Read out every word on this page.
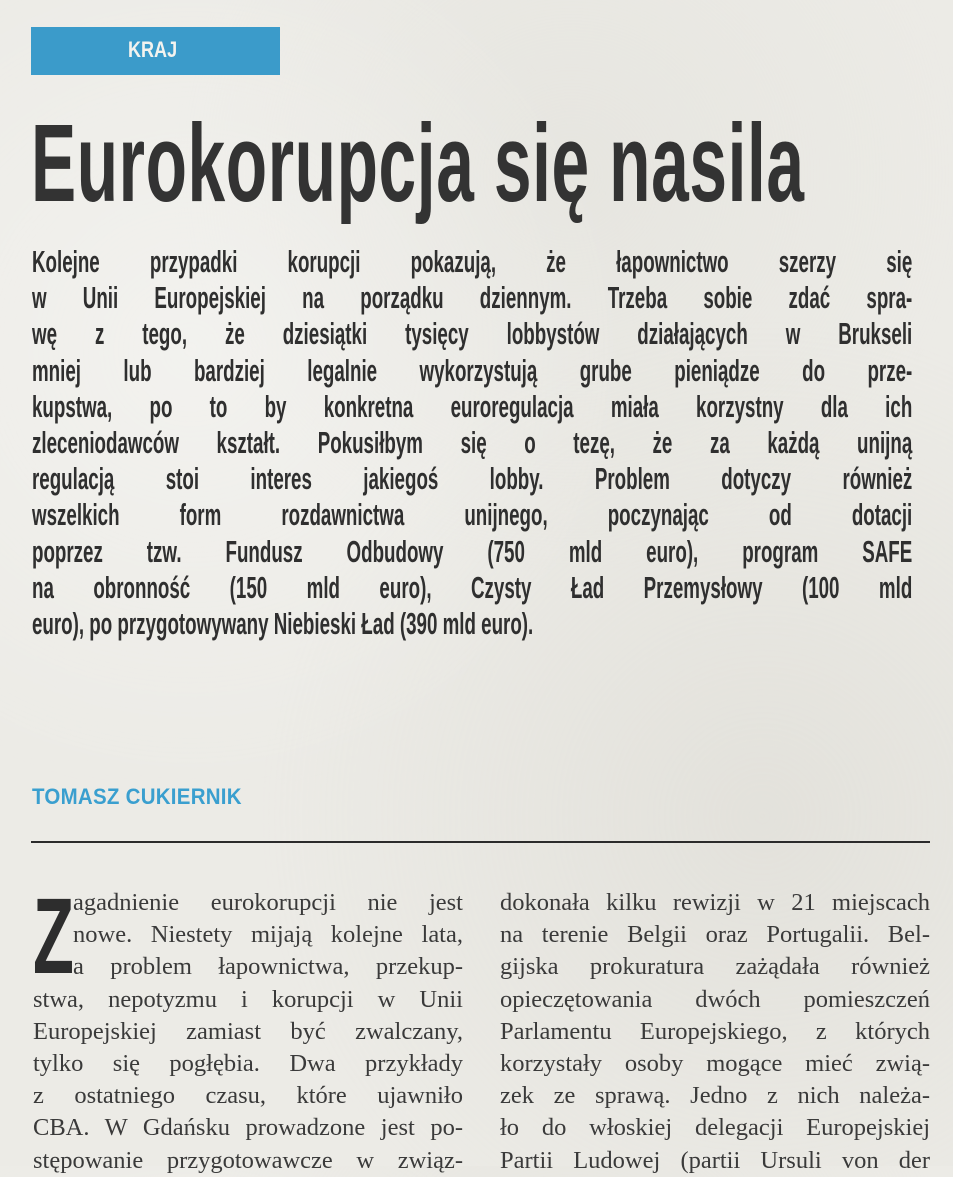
KRAJ
Eurokorupcja się nasila
Kolejne przypadki korupcji pokazują, że łapownictwo szerzy się
w Unii Europejskiej na porządku dziennym. Trzeba sobie zdać spra-
wę z tego, że dziesiątki tysięcy lobbystów działających w Brukseli
mniej lub bardziej legalnie wykorzystują grube pieniądze do prze-
kupstwa, po to by konkretna euroregulacja miała korzystny dla ich
zleceniodawców kształt. Pokusiłbym się o tezę, że za każdą unijną
regulacją stoi interes jakiegoś lobby. Problem dotyczy również
wszelkich form rozdawnictwa unijnego, poczynając od dotacji
poprzez tzw. Fundusz Odbudowy (750 mld euro), program SAFE
na obronność (150 mld euro), Czysty Ład Przemysłowy (100 mld
euro), po przygotowywany Niebieski Ład (390 mld euro).
TOMASZ CUKIERNIK
Z agadnienie eurokorupcji nie jest
nowe. Niestety mijają kolejne lata,
a problem łapownictwa, przekup-
stwa, nepotyzmu i korupcji w Unii
Europejskiej zamiast być zwalczany,
tylko się pogłębia. Dwa przykłady
z ostatniego czasu, które ujawniło
CBA. W Gdańsku prowadzone jest po-
stępowanie przygotowawcze w związ-
dokonała kilku rewizji w 21 miejscach
na terenie Belgii oraz Portugalii. Bel-
gijska prokuratura zażądała również
opieczętowania dwóch pomieszczeń
Parlamentu Europejskiego, z których
korzystały osoby mogące mieć zwią-
zek ze sprawą. Jedno z nich należa-
ło do włoskiej delegacji Europejskiej
Partii Ludowej (partii Ursuli von der
